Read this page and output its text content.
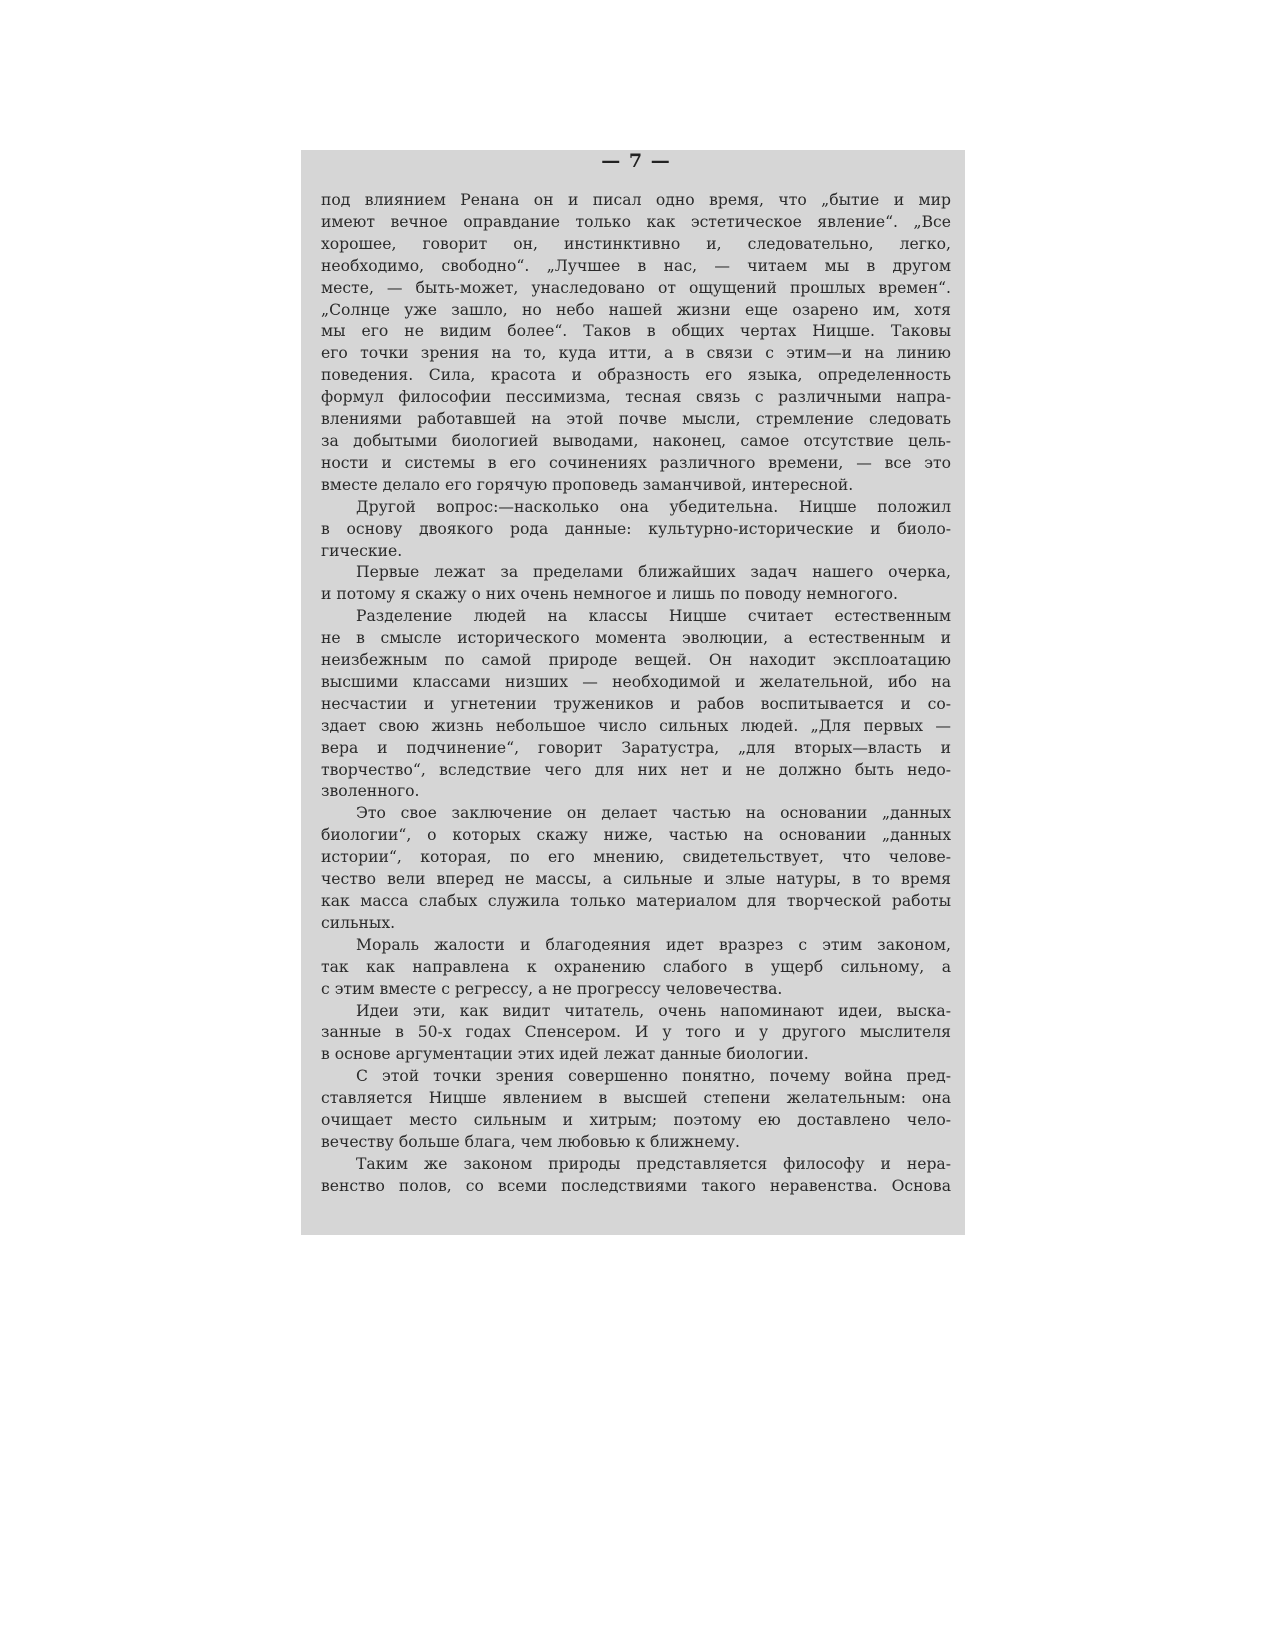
— 7 —

под влиянием Ренана он и писал одно время, что „бытие и мир

имеют вечное оправдание только как эстетическое явление“. „Все

хорошее, говорит он, инстинктивно и, следовательно, легко,

необходимо, свободно“. „Лучшее в нас, — читаем мы в другом

месте, — быть-может, унаследовано от ощущений прошлых времен“.

„Солнце уже зашло, но небо нашей жизни еще озарено им, хотя

мы его не видим более“. Таков в общих чертах Ницше. Таковы

его точки зрения на то, куда итти, а в связи с этим—и на линию

поведения. Сила, красота и образность его языка, определенность

формул философии пессимизма, тесная связь с различными напра-

влениями работавшей на этой почве мысли, стремление следовать

за добытыми биологией выводами, наконец, самое отсутствие цель-

ности и системы в его сочинениях различного времени, — все это

вместе делало его горячую проповедь заманчивой, интересной.

Другой вопрос:—насколько она убедительна. Ницше положил

в основу двоякого рода данные: культурно-исторические и биоло-

гические.

Первые лежат за пределами ближайших задач нашего очерка,

и потому я скажу о них очень немногое и лишь по поводу немногого.

Разделение людей на классы Ницше считает естественным

не в смысле исторического момента эволюции, а естественным и

неизбежным по самой природе вещей. Он находит эксплоатацию

высшими классами низших — необходимой и желательной, ибо на

несчастии и угнетении тружеников и рабов воспитывается и со-

здает свою жизнь небольшое число сильных людей. „Для первых —

вера и подчинение“, говорит Заратустра, „для вторых—власть и

творчество“, вследствие чего для них нет и не должно быть недо-

зволенного.

Это свое заключение он делает частью на основании „данных

биологии“, о которых скажу ниже, частью на основании „данных

истории“, которая, по его мнению, свидетельствует, что челове-

чество вели вперед не массы, а сильные и злые натуры, в то время

как масса слабых служила только материалом для творческой работы

сильных.

Мораль жалости и благодеяния идет вразрез с этим законом,

так как направлена к охранению слабого в ущерб сильному, а

с этим вместе с регрессу, а не прогрессу человечества.

Идеи эти, как видит читатель, очень напоминают идеи, выска-

занные в 50-х годах Спенсером. И у того и у другого мыслителя

в основе аргументации этих идей лежат данные биологии.

С этой точки зрения совершенно понятно, почему война пред-

ставляется Ницше явлением в высшей степени желательным: она

очищает место сильным и хитрым; поэтому ею доставлено чело-

вечеству больше блага, чем любовью к ближнему.

Таким же законом природы представляется философу и нера-

венство полов, со всеми последствиями такого неравенства. Основа
